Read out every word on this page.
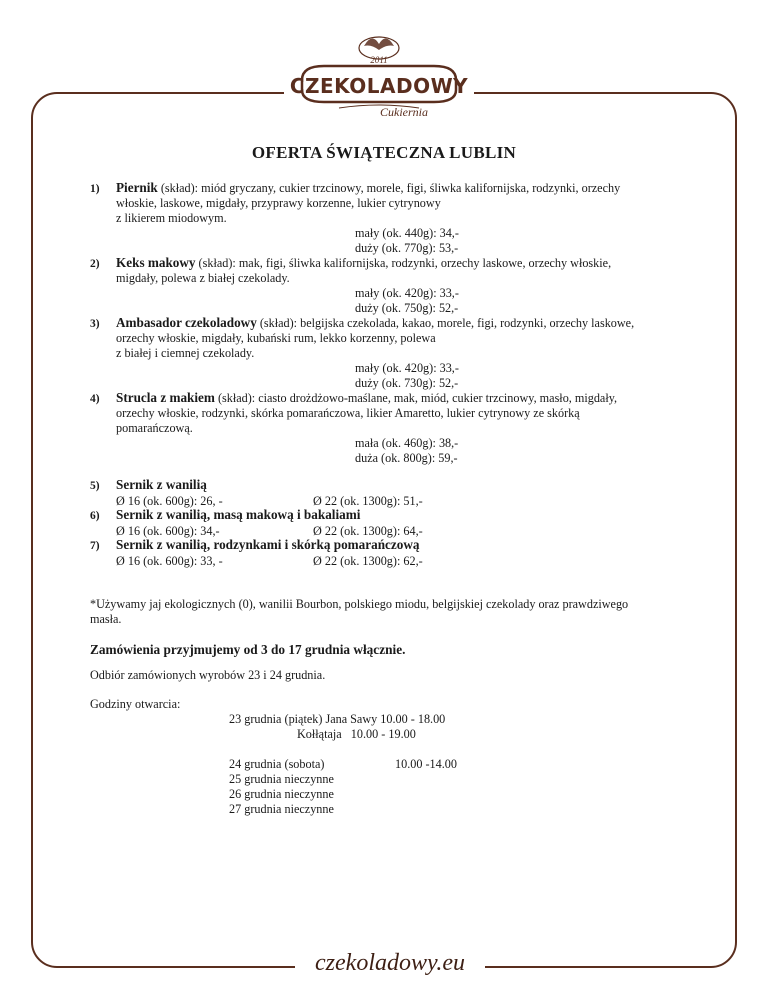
2011
CZEKOLADOWY
Cukiernia
OFERTA ŚWIĄTECZNA LUBLIN
1) Piernik (skład): miód gryczany, cukier trzcinowy, morele, figi, śliwka kalifornijska, rodzynki, orzechy
włoskie, laskowe, migdały, przyprawy korzenne, lukier cytrynowy
z likierem miodowym.
mały (ok. 440g): 34,-
duży (ok. 770g): 53,-
2) Keks makowy (skład): mak, figi, śliwka kalifornijska, rodzynki, orzechy laskowe, orzechy włoskie,
migdały, polewa z białej czekolady.
mały (ok. 420g): 33,-
duży (ok. 750g): 52,-
3) Ambasador czekoladowy (skład): belgijska czekolada, kakao, morele, figi, rodzynki, orzechy laskowe,
orzechy włoskie, migdały, kubański rum, lekko korzenny, polewa
z białej i ciemnej czekolady.
mały (ok. 420g): 33,-
duży (ok. 730g): 52,-
4) Strucla z makiem (skład): ciasto drożdżowo-maślane, mak, miód, cukier trzcinowy, masło, migdały,
orzechy włoskie, rodzynki, skórka pomarańczowa, likier Amaretto, lukier cytrynowy ze skórką
pomarańczową.
mała (ok. 460g): 38,-
duża (ok. 800g): 59,-
5) Sernik z wanilią
Ø 16 (ok. 600g): 26, -	Ø 22 (ok. 1300g): 51,-
6) Sernik z wanilią, masą makową i bakaliami
Ø 16 (ok. 600g): 34,-	Ø 22 (ok. 1300g): 64,-
7) Sernik z wanilią, rodzynkami i skórką pomarańczową
Ø 16 (ok. 600g): 33, -	Ø 22 (ok. 1300g): 62,-
*Używamy jaj ekologicznych (0), wanilii Bourbon, polskiego miodu, belgijskiej czekolady oraz prawdziwego
masła.
Zamówienia przyjmujemy od 3 do 17 grudnia włącznie.
Odbiór zamówionych wyrobów 23 i 24 grudnia.
Godziny otwarcia:
23 grudnia (piątek) Jana Sawy 10.00 - 18.00
Kołłątaja   10.00 - 19.00
24 grudnia (sobota)	10.00 -14.00
25 grudnia nieczynne
26 grudnia nieczynne
27 grudnia nieczynne
czekoladowy.eu
